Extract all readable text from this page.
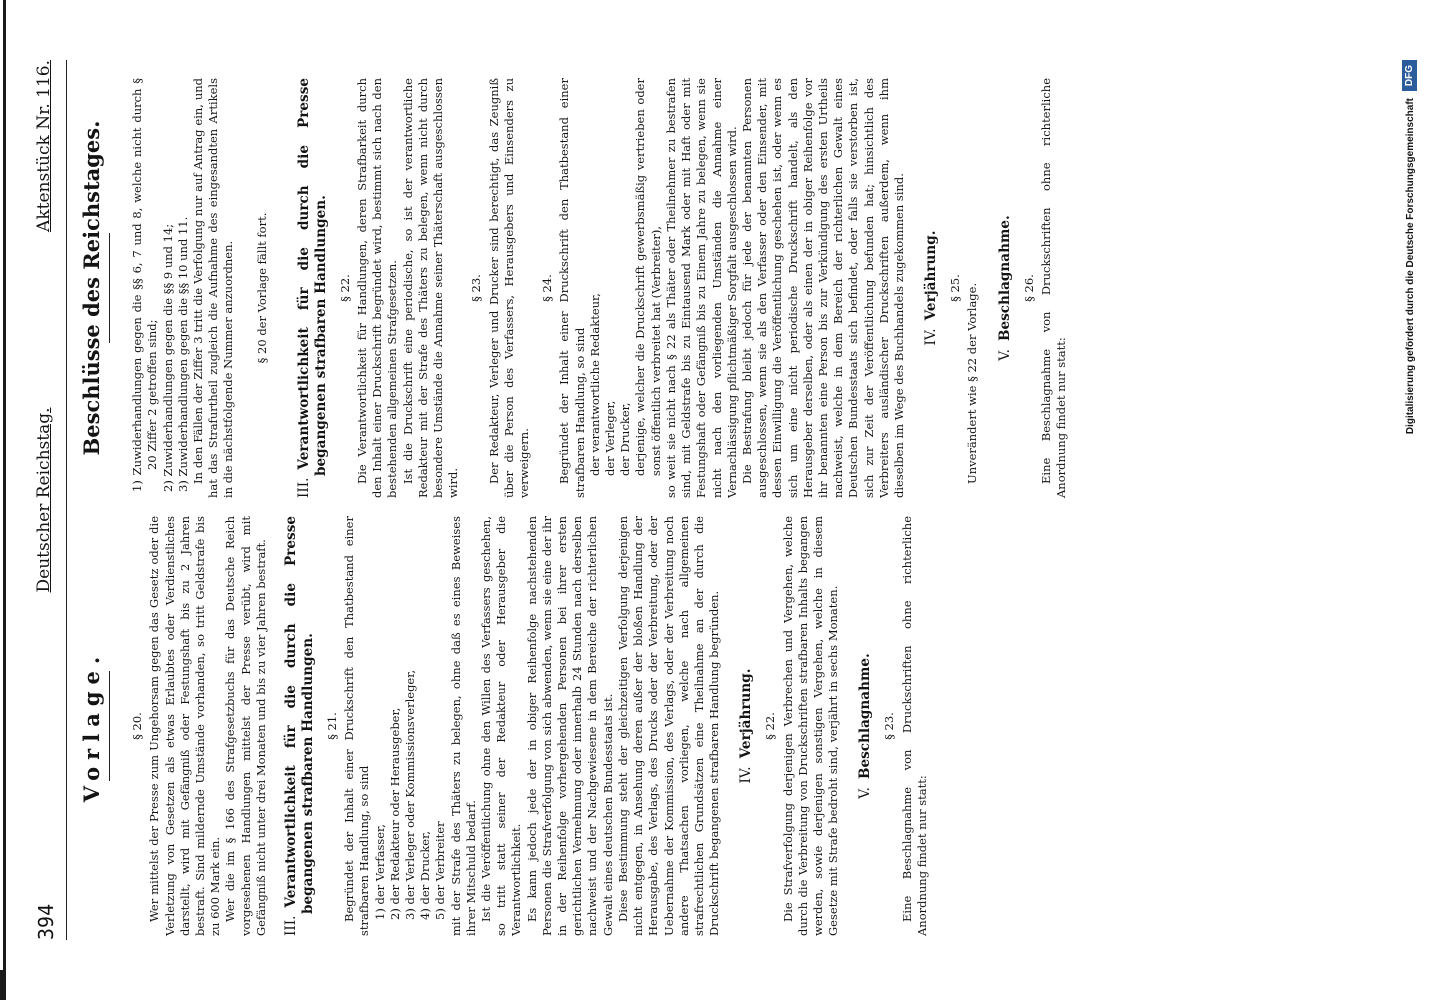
394
Deutscher Reichstag.
Aktenstück Nr. 116.
Vorlage. § 20. Wer mittelst der Presse zum Ungehorsam gegen das Gesetz oder die Verletzung von Gesetzen als etwas Erlaubtes oder Verdienstliches darstellt, wird mit Gefängniß oder Festungshaft bis zu 2 Jahren bestraft. Sind mildernde Umstände vorhanden, so tritt Geldstrafe bis zu 600 Mark ein. Wer die im § 166 des Strafgesetzbuchs für das Deutsche Reich vorgesehenen Handlungen mittelst der Presse verübt, wird mit Gefängniß nicht unter drei Monaten und bis zu vier Jahren bestraft. III.Verantwortlichkeit für die durch die Presse begangenen strafbaren Handlungen. § 21. Begründet der Inhalt einer Druckschrift den Thatbestand einer strafbaren Handlung, so sind 1) der Verfasser, 2) der Redakteur oder Herausgeber, 3) der Verleger oder Kommissionsverleger, 4) der Drucker, 5) der Verbreiter mit der Strafe des Thäters zu belegen, ohne daß es eines Beweises ihrer Mitschuld bedarf. Ist die Veröffentlichung ohne den Willen des Verfassers geschehen, so tritt statt seiner der Redakteur oder Herausgeber die Verantwortlichkeit. Es kann jedoch jede der in obiger Reihenfolge nachstehenden Personen die Strafverfolgung von sich abwenden, wenn sie eine der ihr in der Reihenfolge vorhergehenden Personen bei ihrer ersten gerichtlichen Vernehmung oder innerhalb 24 Stunden nach derselben nachweist und der Nachgewiesene in dem Bereiche der richterlichen Gewalt eines deutschen Bundesstaats ist. Diese Bestimmung steht der gleichzeitigen Verfolgung derjenigen nicht entgegen, in Ansehung deren außer der bloßen Handlung der Herausgabe, des Verlags, des Drucks oder der Verbreitung, oder der Uebernahme der Kommission, des Verlags, oder der Verbreitung noch andere Thatsachen vorliegen, welche nach allgemeinen strafrechtlichen Grundsätzen eine Theilnahme an der durch die Druckschrift begangenen strafbaren Handlung begründen. IV.Verjährung. § 22. Die Strafverfolgung derjenigen Verbrechen und Vergehen, welche durch die Verbreitung von Druckschriften strafbaren Inhalts begangen werden, sowie derjenigen sonstigen Vergehen, welche in diesem Gesetze mit Strafe bedroht sind, verjährt in sechs Monaten. V.Beschlagnahme. § 23. Eine Beschlagnahme von Druckschriften ohne richterliche Anordnung findet nur statt:

Beschlüsse des Reichstages. 1) Zuwiderhandlungen gegen die §§ 6, 7 und 8, welche nicht durch § 20 Ziffer 2 getroffen sind; 2) Zuwiderhandlungen gegen die §§ 9 und 14; 3) Zuwiderhandlungen gegen die §§ 10 und 11. In den Fällen der Ziffer 3 tritt die Verfolgung nur auf Antrag ein, und hat das Strafurtheil zugleich die Aufnahme des eingesandten Artikels in die nächstfolgende Nummer anzuordnen. § 20 der Vorlage fällt fort.
III.Verantwortlichkeit für die durch die Presse begangenen strafbaren Handlungen. § 22. Die Verantwortlichkeit für Handlungen, deren Strafbarkeit durch den Inhalt einer Druckschrift begründet wird, bestimmt sich nach den bestehenden allgemeinen Strafgesetzen. Ist die Druckschrift eine periodische, so ist der verantwortliche Redakteur mit der Strafe des Thäters zu belegen, wenn nicht durch besondere Umstände die Annahme seiner Thäterschaft ausgeschlossen wird.

§ 23. Der Redakteur, Verleger und Drucker sind berechtigt, das Zeugniß über die Person des Verfassers, Herausgebers und Einsenders zu verweigern.

§ 24. Begründet der Inhalt einer Druckschrift den Thatbestand einer strafbaren Handlung, so sind der verantwortliche Redakteur, der Verleger, der Drucker, derjenige, welcher die Druckschrift gewerbsmäßig vertrieben oder sonst öffentlich verbreitet hat (Verbreiter), so weit sie nicht nach § 22 als Thäter oder Theilnehmer zu bestrafen sind, mit Geldstrafe bis zu Eintausend Mark oder mit Haft oder mit Festungshaft oder Gefängniß bis zu Einem Jahre zu belegen, wenn sie nicht nach den vorliegenden Umständen die Annahme einer Vernachlässigung pflichtmäßiger Sorgfalt ausgeschlossen wird. Die Bestrafung bleibt jedoch für jede der benannten Personen ausgeschlossen, wenn sie als den Verfasser oder den Einsender, mit dessen Einwilligung die Veröffentlichung geschehen ist, oder wenn es sich um eine nicht periodische Druckschrift handelt, als den Herausgeber derselben, oder als einen der in obiger Reihenfolge vor ihr benannten eine Person bis zur Verkündigung des ersten Urtheils nachweist, welche in dem Bereich der richterlichen Gewalt eines Deutschen Bundesstaats sich befindet, oder falls sie verstorben ist, sich zur Zeit der Veröffentlichung befunden hat; hinsichtlich des Verbreiters ausländischer Druckschriften außerdem, wenn ihm dieselben im Wege des Buchhandels zugekommen sind. IV.Verjährung. § 25. Unverändert wie § 22 der Vorlage. V.Beschlagnahme. § 26. Eine Beschlagnahme von Druckschriften ohne richterliche Anordnung findet nur statt:	Digitalisierung gefördert durch die Deutsche Forschungsgemeinschaft
DFG
